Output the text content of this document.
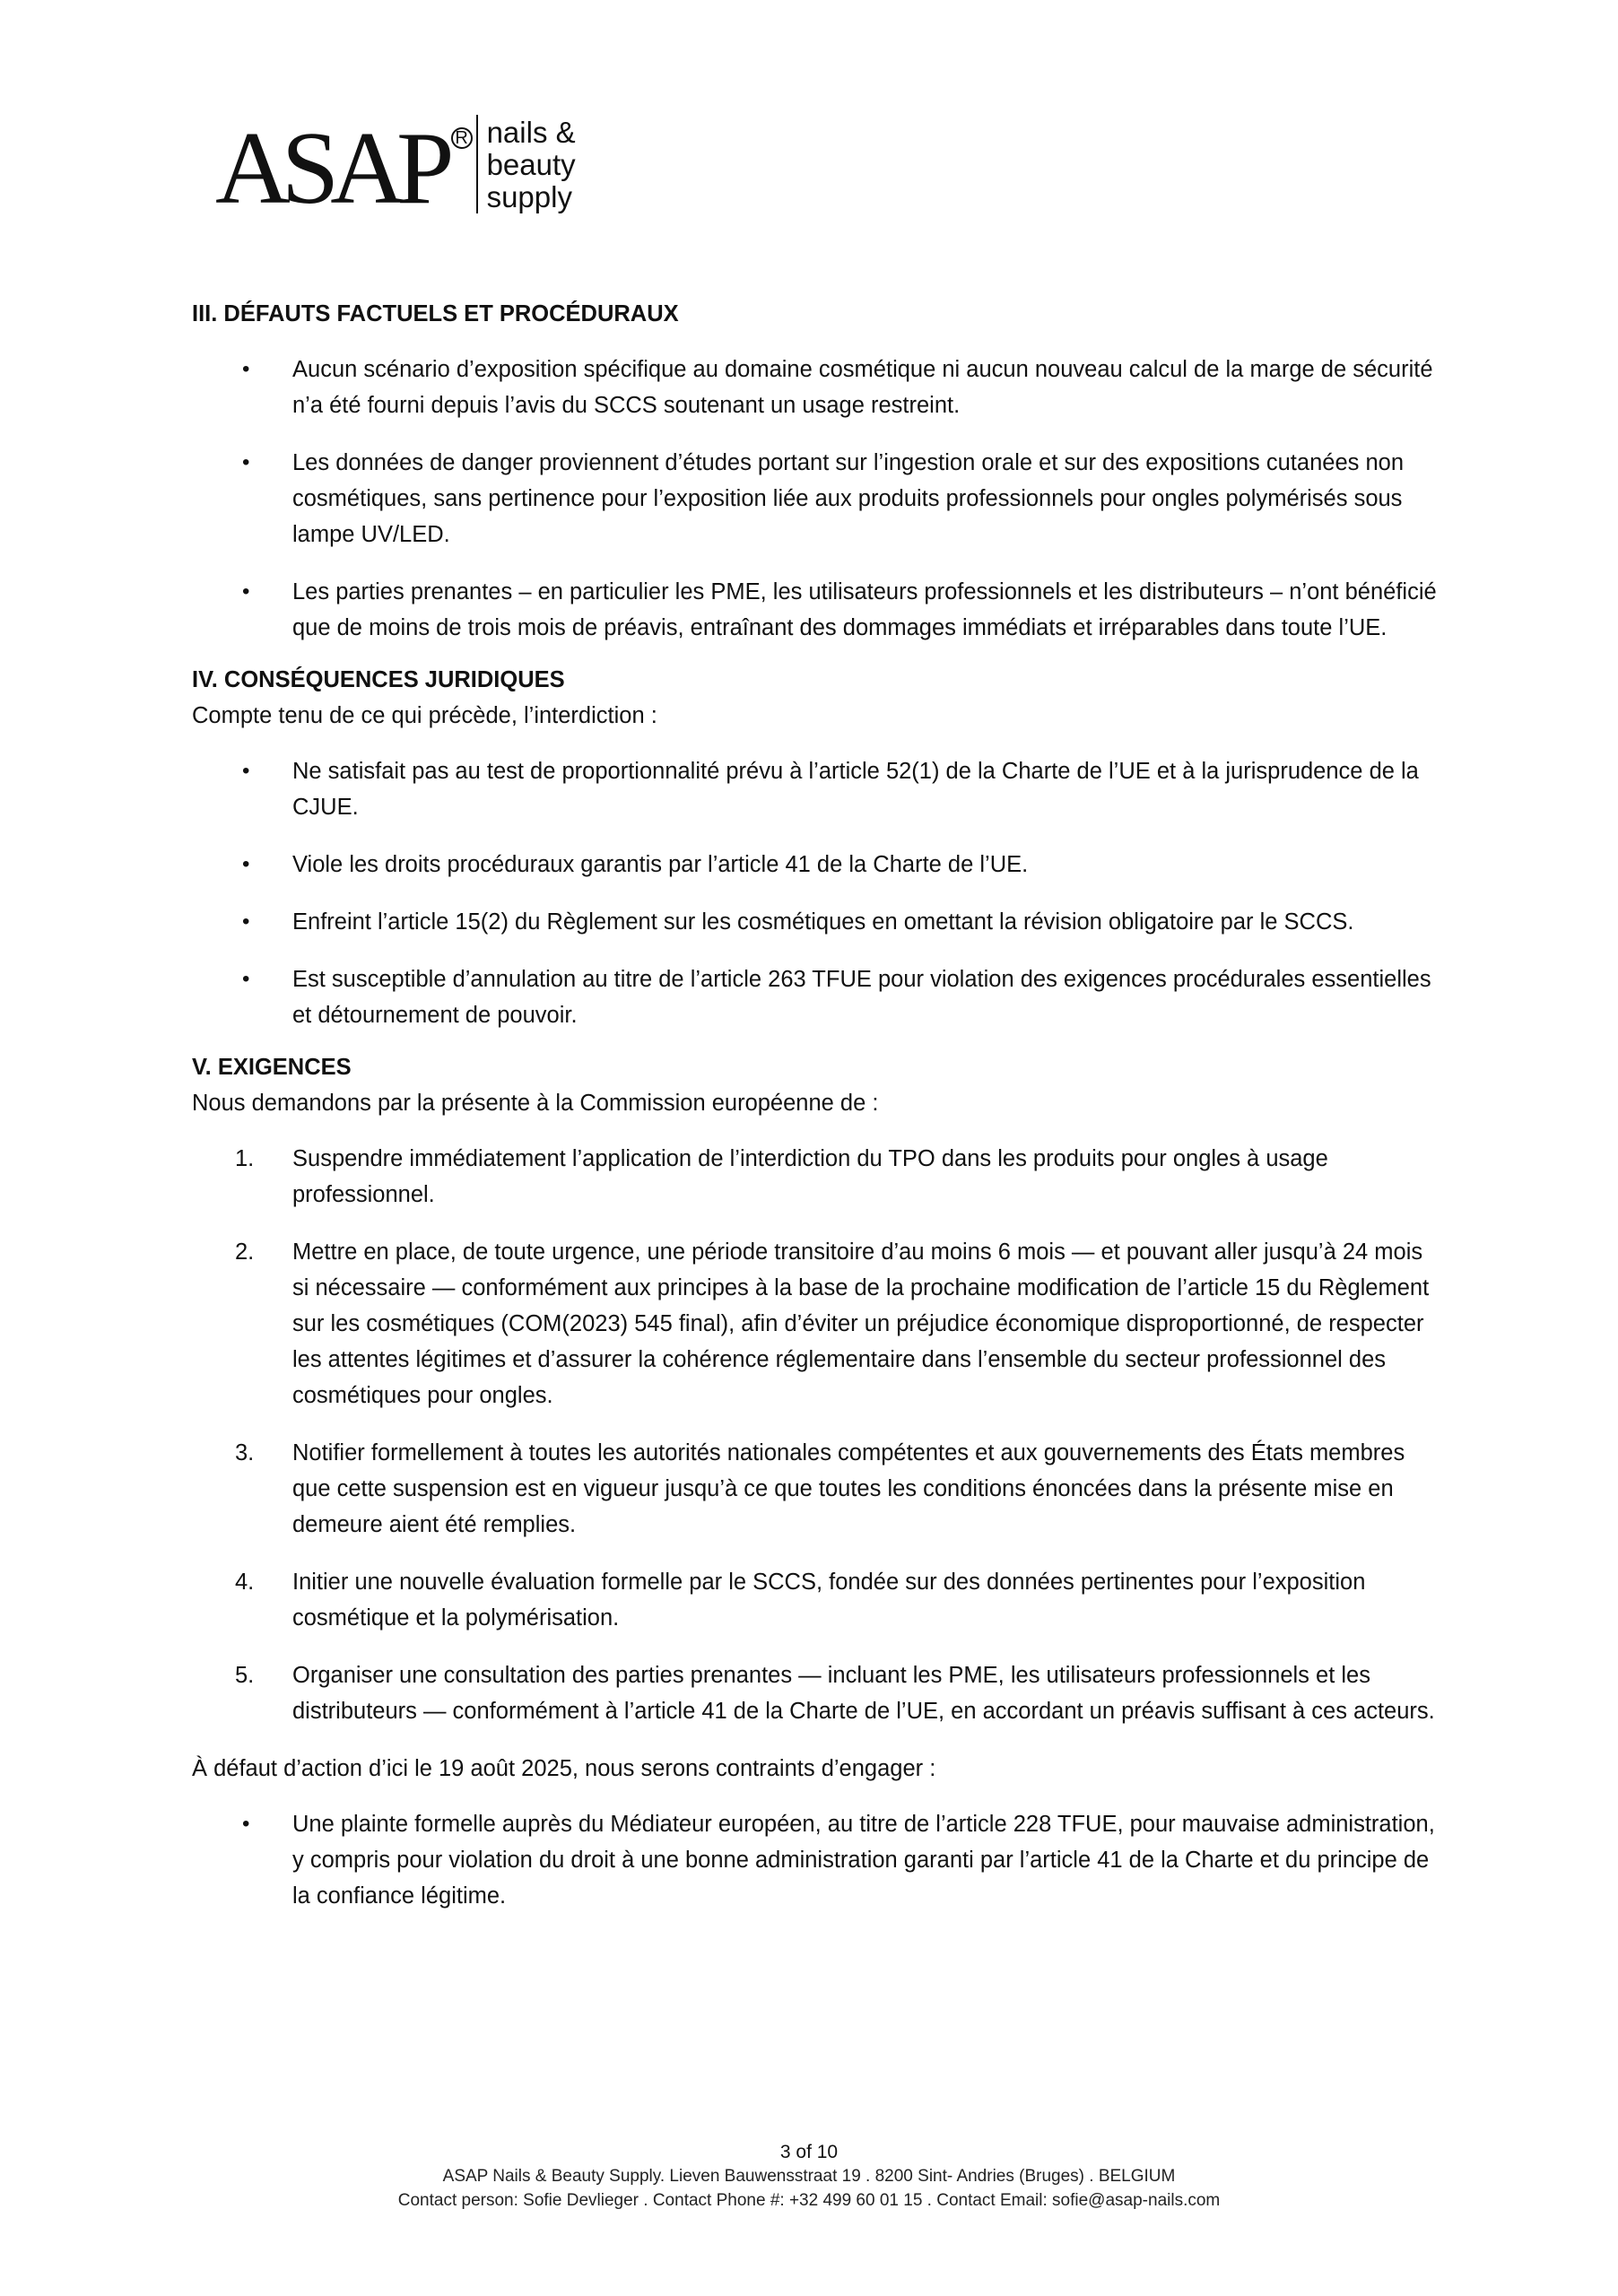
ASAP R nails &
beauty
supply

III. DÉFAUTS FACTUELS ET PROCÉDURAUX

•	Aucun scénario d’exposition spécifique au domaine cosmétique ni aucun nouveau calcul de la marge de sécurité n’a été fourni depuis l’avis du SCCS soutenant un usage restreint.
•	Les données de danger proviennent d’études portant sur l’ingestion orale et sur des expositions cutanées non cosmétiques, sans pertinence pour l’exposition liée aux produits professionnels pour ongles polymérisés sous lampe UV/LED.
•	Les parties prenantes – en particulier les PME, les utilisateurs professionnels et les distributeurs – n’ont bénéficié que de moins de trois mois de préavis, entraînant des dommages immédiats et irréparables dans toute l’UE.

IV. CONSÉQUENCES JURIDIQUES

Compte tenu de ce qui précède, l’interdiction :

•	Ne satisfait pas au test de proportionnalité prévu à l’article 52(1) de la Charte de l’UE et à la jurisprudence de la CJUE.
•	Viole les droits procéduraux garantis par l’article 41 de la Charte de l’UE.
•	Enfreint l’article 15(2) du Règlement sur les cosmétiques en omettant la révision obligatoire par le SCCS.
•	Est susceptible d’annulation au titre de l’article 263 TFUE pour violation des exigences procédurales essentielles et détournement de pouvoir.

V. EXIGENCES

Nous demandons par la présente à la Commission européenne de :

1.	Suspendre immédiatement l’application de l’interdiction du TPO dans les produits pour ongles à usage professionnel.
2.	Mettre en place, de toute urgence, une période transitoire d’au moins 6 mois — et pouvant aller jusqu’à 24 mois si nécessaire — conformément aux principes à la base de la prochaine modification de l’article 15 du Règlement sur les cosmétiques (COM(2023) 545 final), afin d’éviter un préjudice économique disproportionné, de respecter les attentes légitimes et d’assurer la cohérence réglementaire dans l’ensemble du secteur professionnel des cosmétiques pour ongles.
3.	Notifier formellement à toutes les autorités nationales compétentes et aux gouvernements des États membres que cette suspension est en vigueur jusqu’à ce que toutes les conditions énoncées dans la présente mise en demeure aient été remplies.
4.	Initier une nouvelle évaluation formelle par le SCCS, fondée sur des données pertinentes pour l’exposition cosmétique et la polymérisation.
5.	Organiser une consultation des parties prenantes — incluant les PME, les utilisateurs professionnels et les distributeurs — conformément à l’article 41 de la Charte de l’UE, en accordant un préavis suffisant à ces acteurs.

À défaut d’action d’ici le 19 août 2025, nous serons contraints d’engager :

•	Une plainte formelle auprès du Médiateur européen, au titre de l’article 228 TFUE, pour mauvaise administration, y compris pour violation du droit à une bonne administration garanti par l’article 41 de la Charte et du principe de la confiance légitime.
3 of 10
ASAP Nails & Beauty Supply. Lieven Bauwensstraat 19 . 8200 Sint- Andries (Bruges) . BELGIUM
Contact person: Sofie Devlieger . Contact Phone #: +32 499 60 01 15 . Contact Email: sofie@asap-nails.com
